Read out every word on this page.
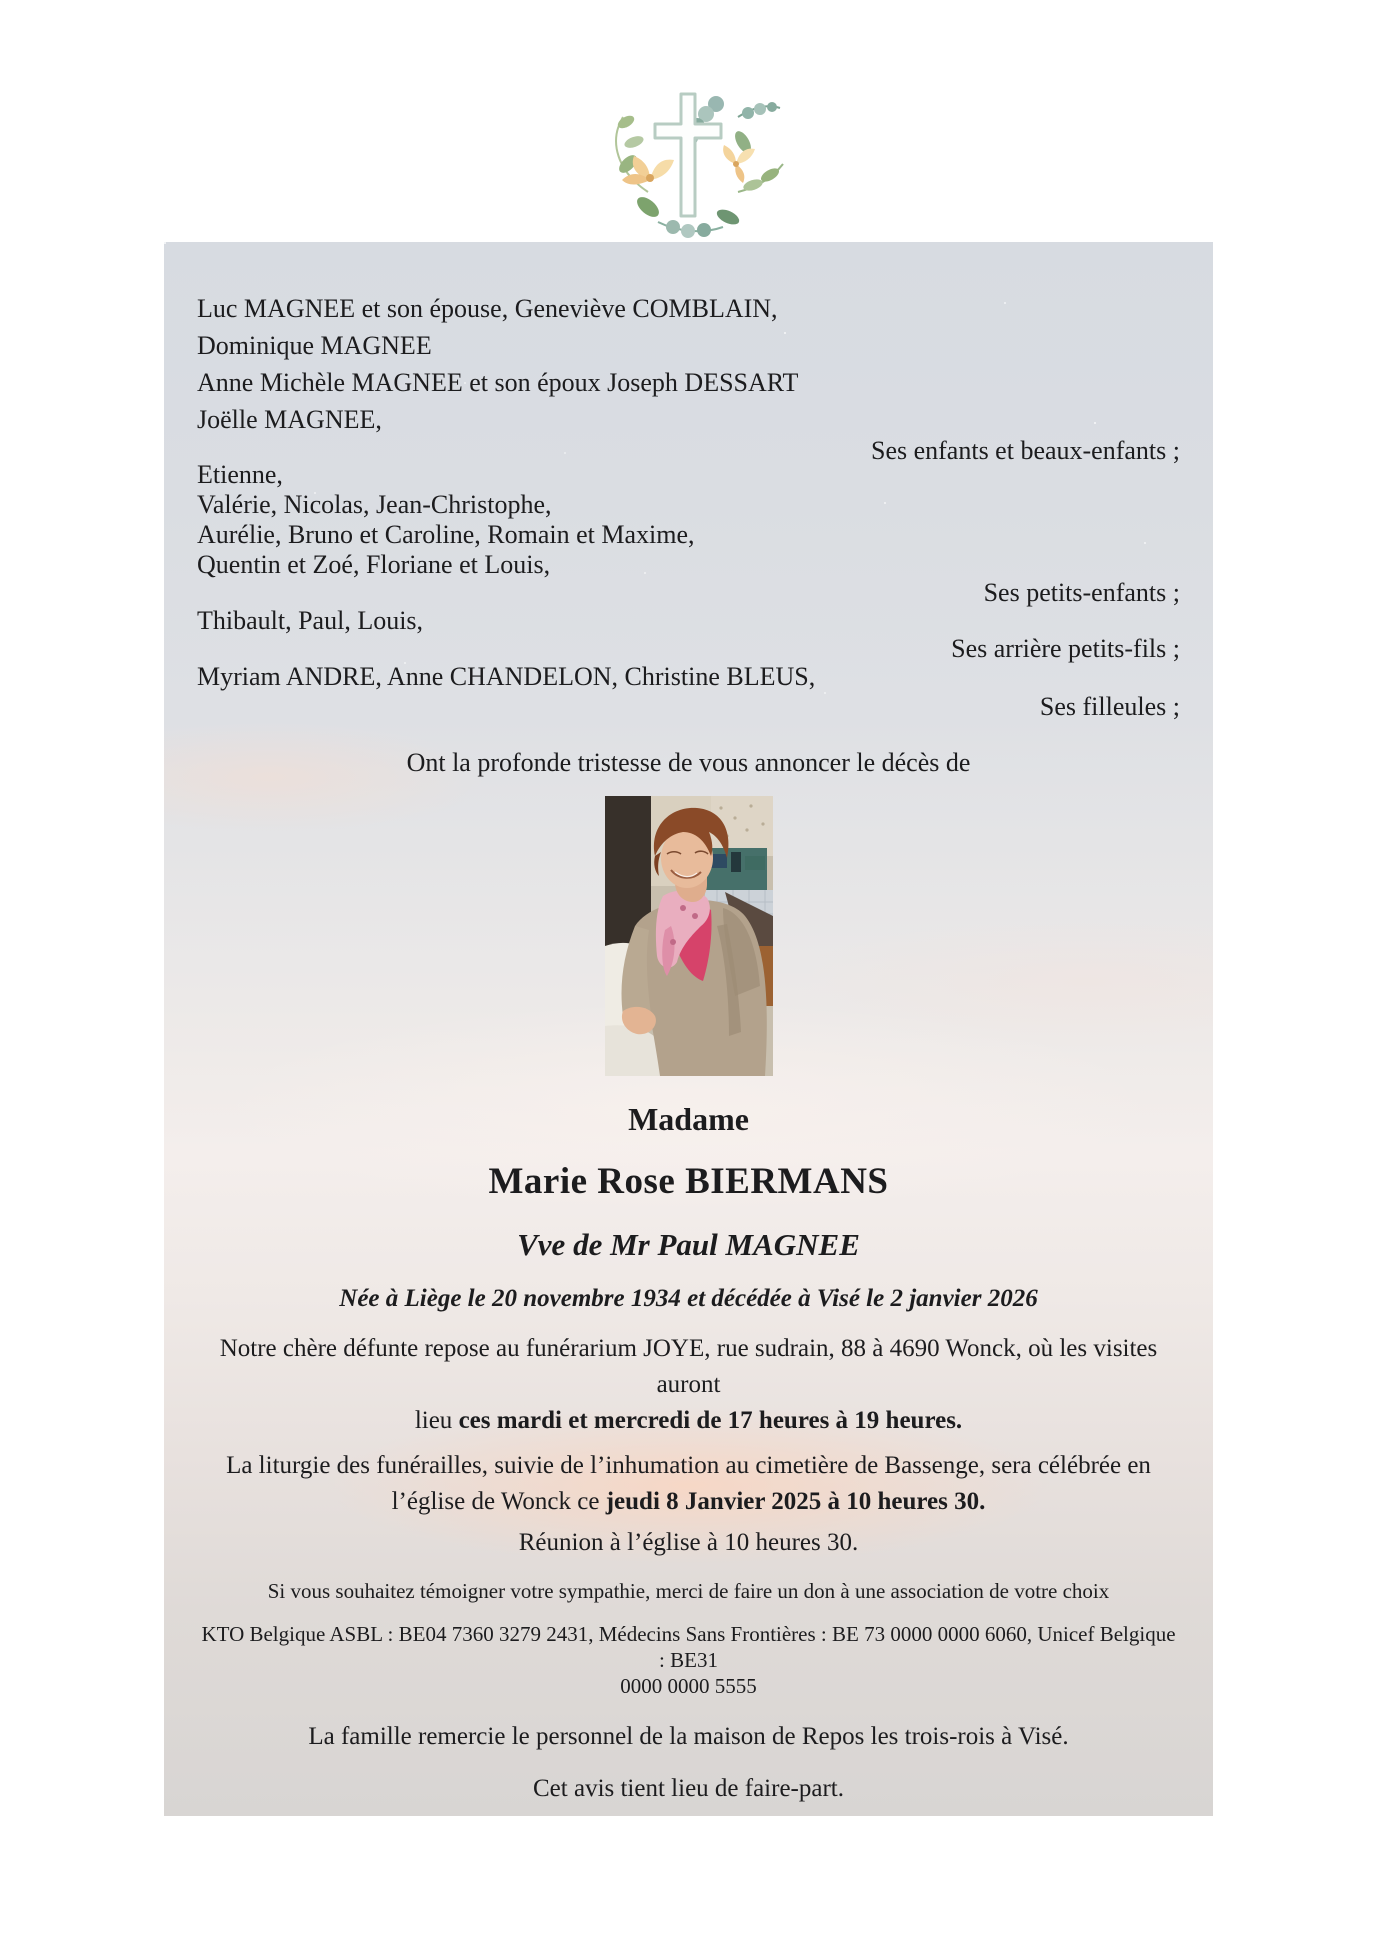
Luc MAGNEE et son épouse, Geneviève COMBLAIN,
Dominique MAGNEE
Anne Michèle MAGNEE et son époux Joseph DESSART
Joëlle MAGNEE,
Ses enfants et beaux-enfants ;
Etienne,
Valérie, Nicolas, Jean-Christophe,
Aurélie, Bruno et Caroline, Romain et Maxime,
Quentin et Zoé, Floriane et Louis,
Ses petits-enfants ;
Thibault, Paul, Louis,
Ses arrière petits-fils ;
Myriam ANDRE, Anne CHANDELON, Christine BLEUS,
Ses filleules ;
Ont la profonde tristesse de vous annoncer le décès de
Madame
Marie Rose BIERMANS
Vve de Mr Paul MAGNEE
Née à Liège le 20 novembre 1934 et décédée à Visé le 2 janvier 2026
Notre chère défunte repose au funérarium JOYE, rue sudrain, 88 à 4690 Wonck, où les visites auront
lieu ces mardi et mercredi de 17 heures à 19 heures.
La liturgie des funérailles, suivie de l’inhumation au cimetière de Bassenge, sera célébrée en
l’église de Wonck ce jeudi 8 Janvier 2025 à 10 heures 30.
Réunion à l’église à 10 heures 30.
Si vous souhaitez témoigner votre sympathie, merci de faire un don à une association de votre choix
KTO Belgique ASBL : BE04 7360 3279 2431, Médecins Sans Frontières : BE 73 0000 0000 6060, Unicef Belgique : BE31
0000 0000 5555
La famille remercie le personnel de la maison de Repos les trois-rois à Visé.
Cet avis tient lieu de faire-part.
